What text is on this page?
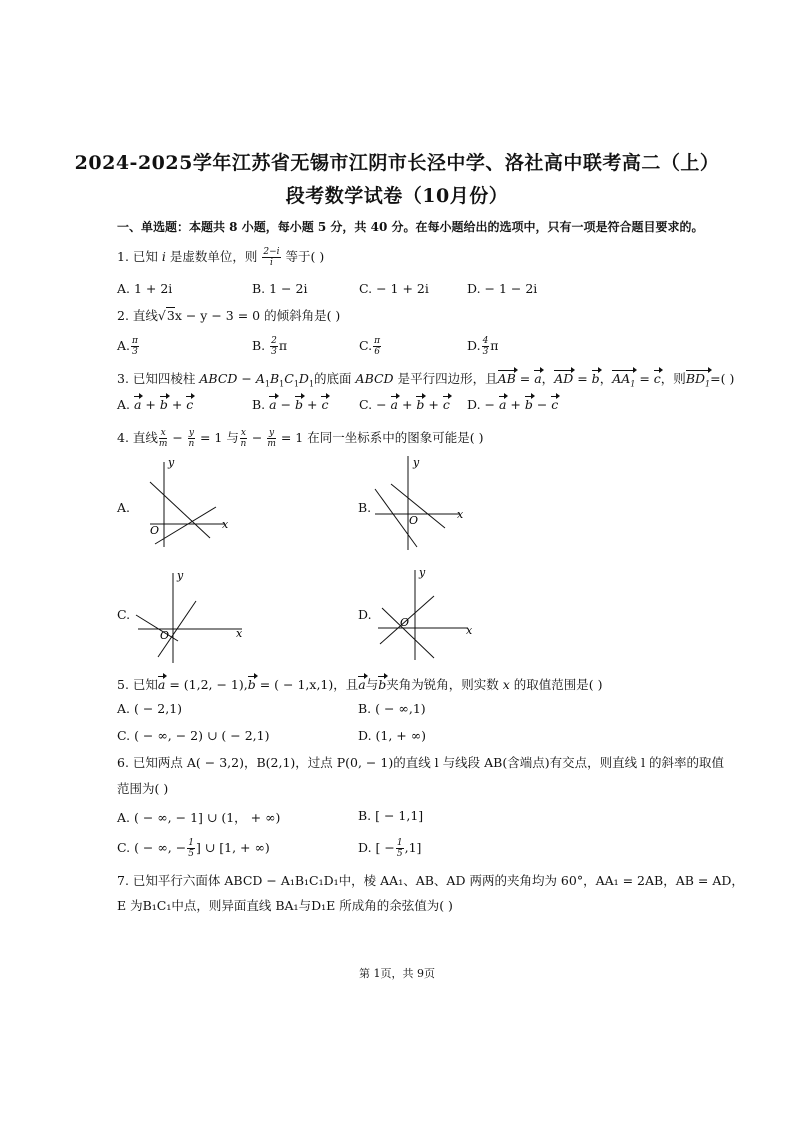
2024-2025学年江苏省无锡市江阴市长泾中学、洛社高中联考高二（上）
段考数学试卷（10月份）
一、单选题：本题共 8 小题，每小题 5 分，共 40 分。在每小题给出的选项中，只有一项是符合题目要求的。
1. 已知 i 是虚数单位，则 $\frac{2-i}{i}$ 等于( )
A. 1 + 2i	B. 1 − 2i	C. − 1 + 2i	D. − 1 − 2i
2. 直线√3x − y − 3 = 0 的倾斜角是( )
A. $\frac{\pi}{3}$	B. $\frac{2}{3}$ π	C. $\frac{\pi}{6}$	D. $\frac{4}{3}$ π
3. 已知四棱柱 ABCD − $A_1B_1C_1D_1$的底面 ABCD 是平行四边形，且AB = a，AD = b，$AA_1 = c$，则$BD_1=$( )
A. a + b + c	B. a − b + c C. − a + b + c D. − a + b − c
4. 直线 $\frac{x}{m} - \frac{y}{n} = 1$ 与 $\frac{x}{n} - \frac{y}{m} = 1$ 在同一坐标系中的图象可能是( )
A.
y
x
O
B.
y
x
O
C.
y
x
O
D.
y
x
O
5. 已知a = (1,2, − 1),b = ( − 1,x,1)，且a与b夹角为锐角，则实数 x 的取值范围是( )
A. ( − 2,1)	B. ( − ∞,1)
C. ( − ∞, − 2) ∪ ( − 2,1)	D. (1, + ∞)
6. 已知两点 A( − 3,2)，B(2,1)，过点 P(0, − 1)的直线 l 与线段 AB(含端点)有交点，则直线 l 的斜率的取值
范围为( )
A. ( − ∞, − 1] ∪ (1， + ∞)	B. [ − 1,1]
C. ( − ∞, − $\frac{1}{5}$ ] ∪ [1, + ∞)	D. [ − $\frac{1}{5} ,1$]
7. 已知平行六面体 ABCD − A₁B₁C₁D₁中，棱 AA₁、AB、AD 两两的夹角均为 60°，AA₁ = 2AB，AB = AD，
E 为B₁C₁中点，则异面直线 BA₁与D₁E 所成角的余弦值为( )
第 1页，共 9页
